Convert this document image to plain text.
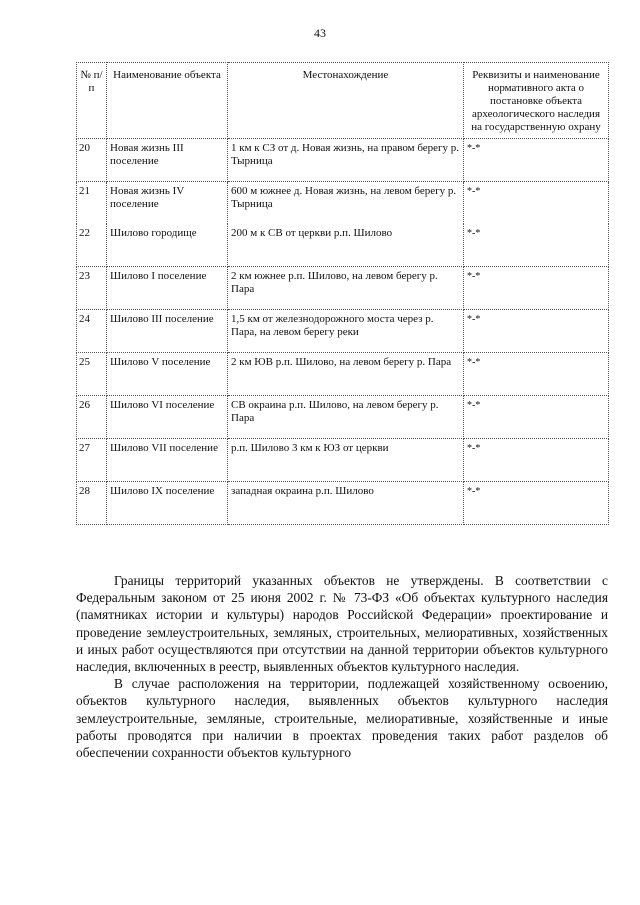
43
№ п/п	Наименование объекта	Местонахождение	Реквизиты и наименование нормативного акта о постановке объекта археологического наследия на государственную охрану
20	Новая жизнь III поселение	1 км к СЗ от д. Новая жизнь, на правом берегу р. Тырница	*-*
21	Новая жизнь IV поселение	600 м южнее д. Новая жизнь, на левом берегу р. Тырница	*-*
22	Шилово городище	200 м к СВ от церкви р.п. Шилово	*-*
23	Шилово I поселение	2 км южнее р.п. Шилово, на левом берегу р. Пара	*-*
24	Шилово III поселение	1,5 км от железнодорожного моста через р. Пара, на левом берегу реки	*-*
25	Шилово V поселение	2 км ЮВ р.п. Шилово, на левом берегу р. Пара	*-*
26	Шилово VI поселение	СВ окраина р.п. Шилово, на левом берегу р. Пара	*-*
27	Шилово VII поселение	р.п. Шилово 3 км к ЮЗ от церкви	*-*
28	Шилово IX поселение	западная окраина р.п. Шилово	*-*

Границы территорий указанных объектов не утверждены. В соответствии с Федеральным законом от 25 июня 2002 г. № 73-ФЗ «Об объектах культурного наследия (памятниках истории и культуры) народов Российской Федерации» проектирование и проведение землеустроительных, земляных, строительных, мелиоративных, хозяйственных и иных работ осуществляются при отсутствии на данной территории объектов культурного наследия, включенных в реестр, выявленных объектов культурного наследия.

В случае расположения на территории, подлежащей хозяйственному освоению, объектов культурного наследия, выявленных объектов культурного наследия землеустроительные, земляные, строительные, мелиоративные, хозяйственные и иные работы проводятся при наличии в проектах проведения таких работ разделов об обеспечении сохранности объектов культурного
